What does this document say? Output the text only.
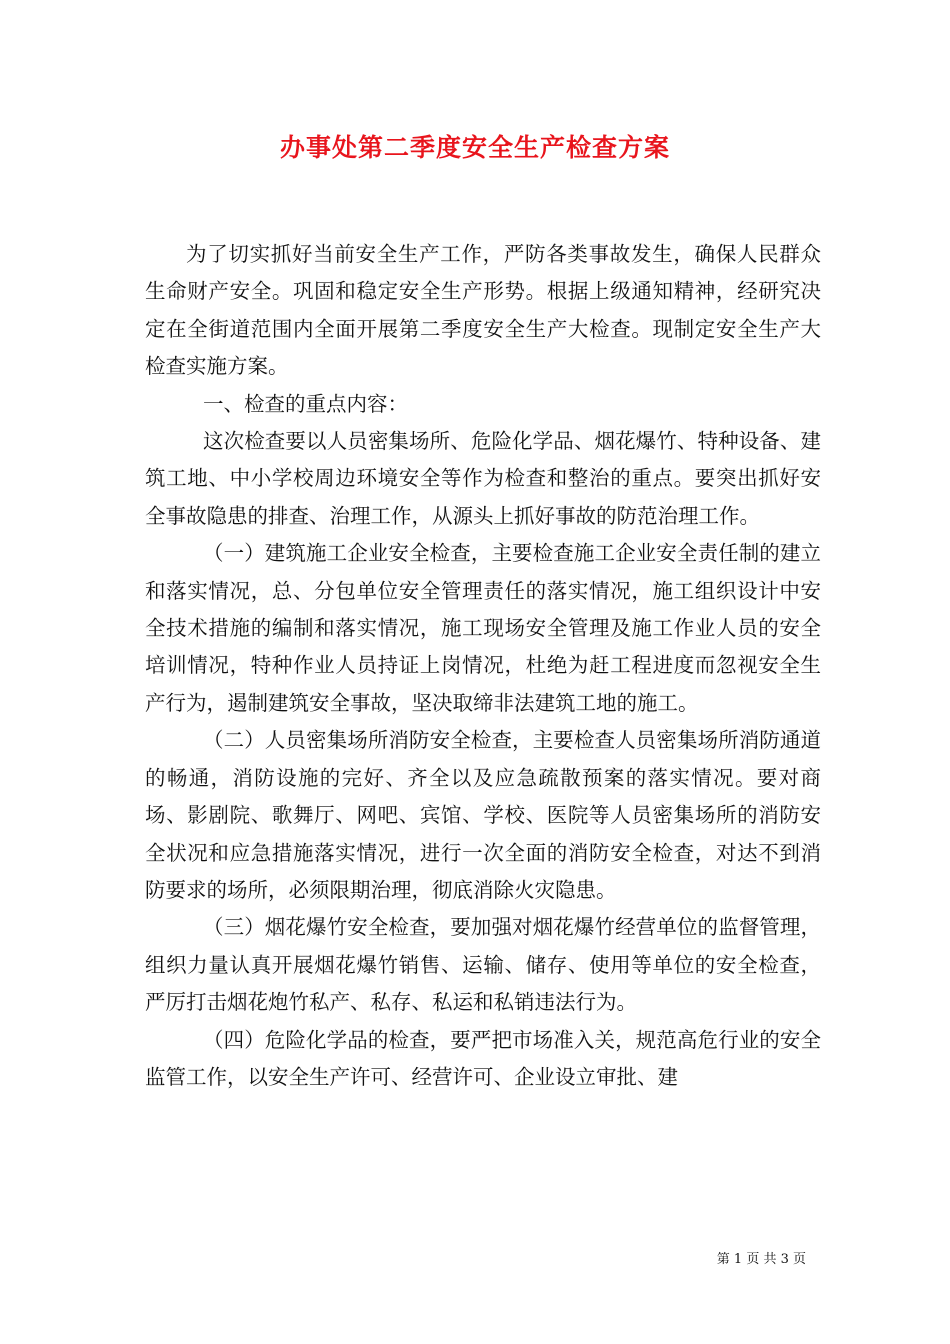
办事处第二季度安全生产检查方案

为了切实抓好当前安全生产工作，严防各类事故发生，确保人民群众生命财产安全。巩固和稳定安全生产形势。根据上级通知精神，经研究决定在全街道范围内全面开展第二季度安全生产大检查。现制定安全生产大检查实施方案。

一、检查的重点内容：

这次检查要以人员密集场所、危险化学品、烟花爆竹、特种设备、建筑工地、中小学校周边环境安全等作为检查和整治的重点。要突出抓好安全事故隐患的排查、治理工作，从源头上抓好事故的防范治理工作。

（一）建筑施工企业安全检查，主要检查施工企业安全责任制的建立和落实情况，总、分包单位安全管理责任的落实情况，施工组织设计中安全技术措施的编制和落实情况，施工现场安全管理及施工作业人员的安全培训情况，特种作业人员持证上岗情况，杜绝为赶工程进度而忽视安全生产行为，遏制建筑安全事故，坚决取缔非法建筑工地的施工。

（二）人员密集场所消防安全检查，主要检查人员密集场所消防通道的畅通，消防设施的完好、齐全以及应急疏散预案的落实情况。要对商场、影剧院、歌舞厅、网吧、宾馆、学校、医院等人员密集场所的消防安全状况和应急措施落实情况，进行一次全面的消防安全检查，对达不到消防要求的场所，必须限期治理，彻底消除火灾隐患。

（三）烟花爆竹安全检查，要加强对烟花爆竹经营单位的监督管理，组织力量认真开展烟花爆竹销售、运输、储存、使用等单位的安全检查，严厉打击烟花炮竹私产、私存、私运和私销违法行为。

（四）危险化学品的检查，要严把市场准入关，规范高危行业的安全监管工作，以安全生产许可、经营许可、企业设立审批、建

第 1 页 共 3 页
